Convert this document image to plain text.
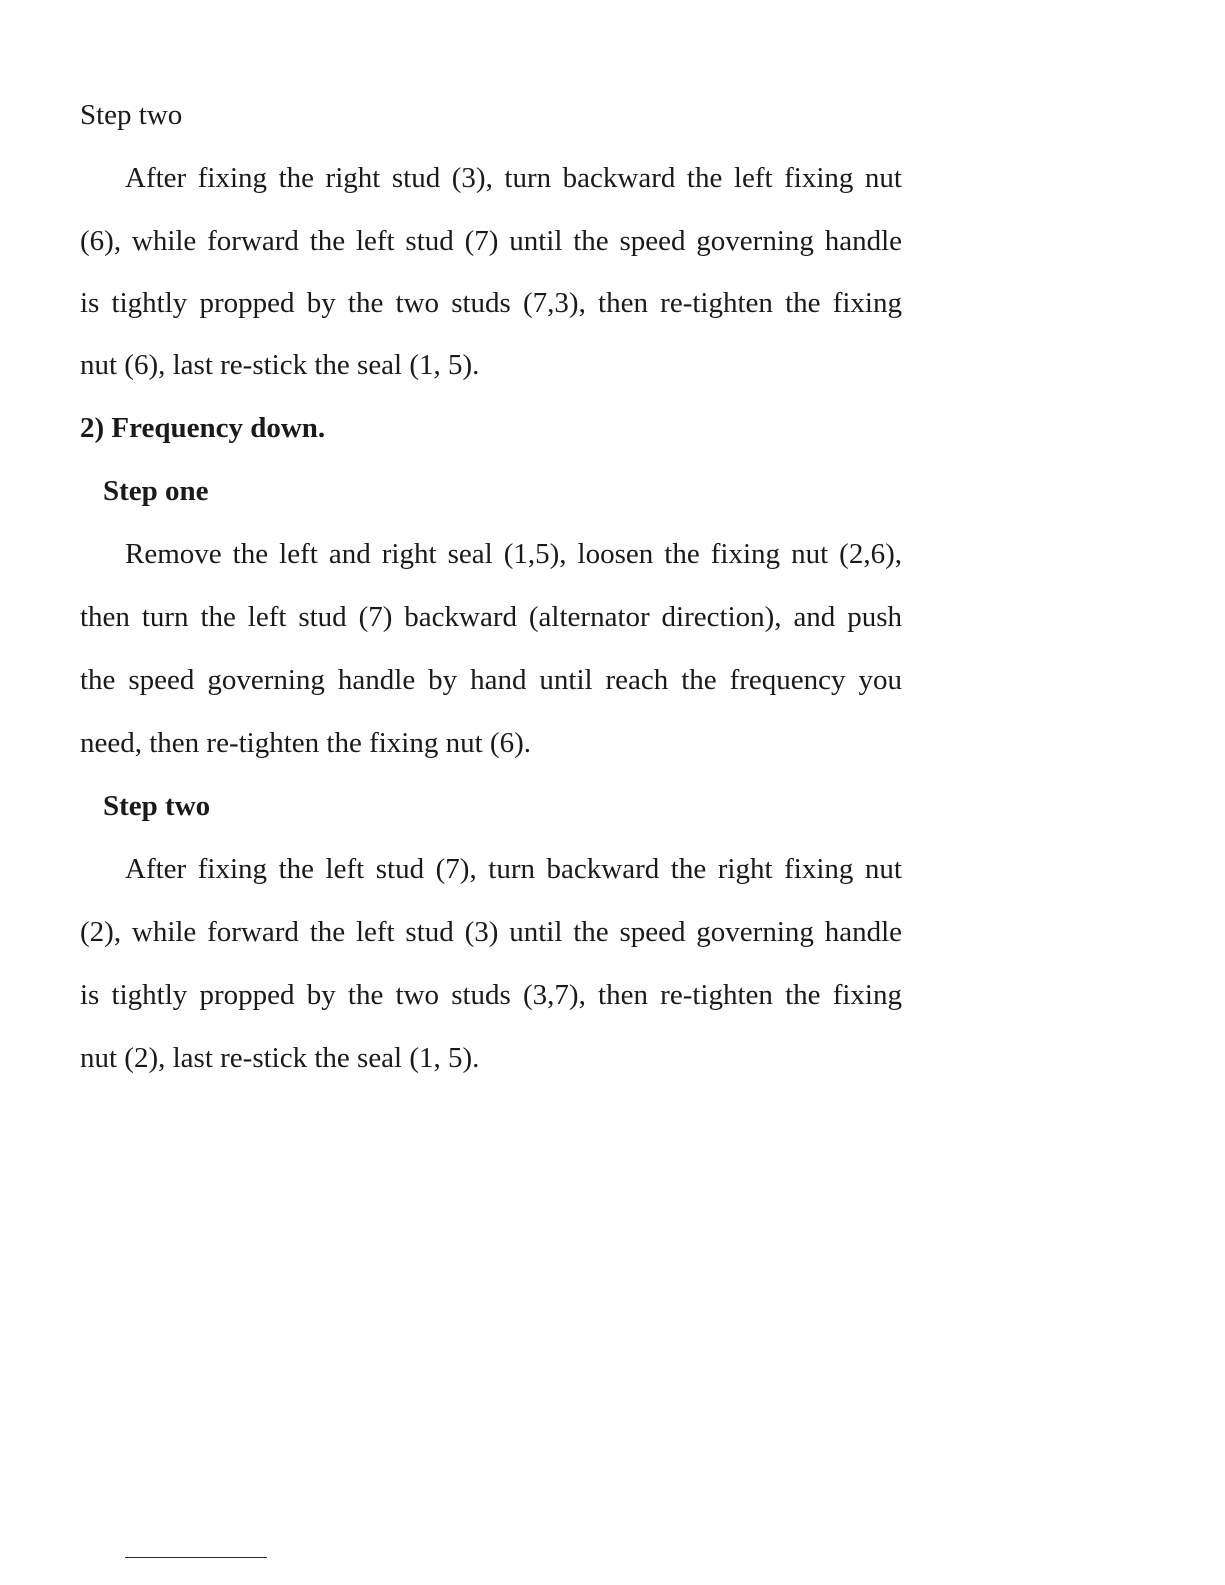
Step two

After fixing the right stud (3), turn backward the left fixing nut

(6), while forward the left stud (7) until the speed governing handle

is tightly propped by the two studs (7,3), then re-tighten the fixing

nut (6), last re-stick the seal (1, 5).

2) Frequency down.

Step one

Remove the left and right seal (1,5), loosen the fixing nut (2,6),

then turn the left stud (7) backward (alternator direction), and push

the speed governing handle by hand until reach the frequency you

need, then re-tighten the fixing nut (6).

Step two

After fixing the left stud (7), turn backward the right fixing nut

(2), while forward the left stud (3) until the speed governing handle

is tightly propped by the two studs (3,7), then re-tighten the fixing

nut (2), last re-stick the seal (1, 5).
